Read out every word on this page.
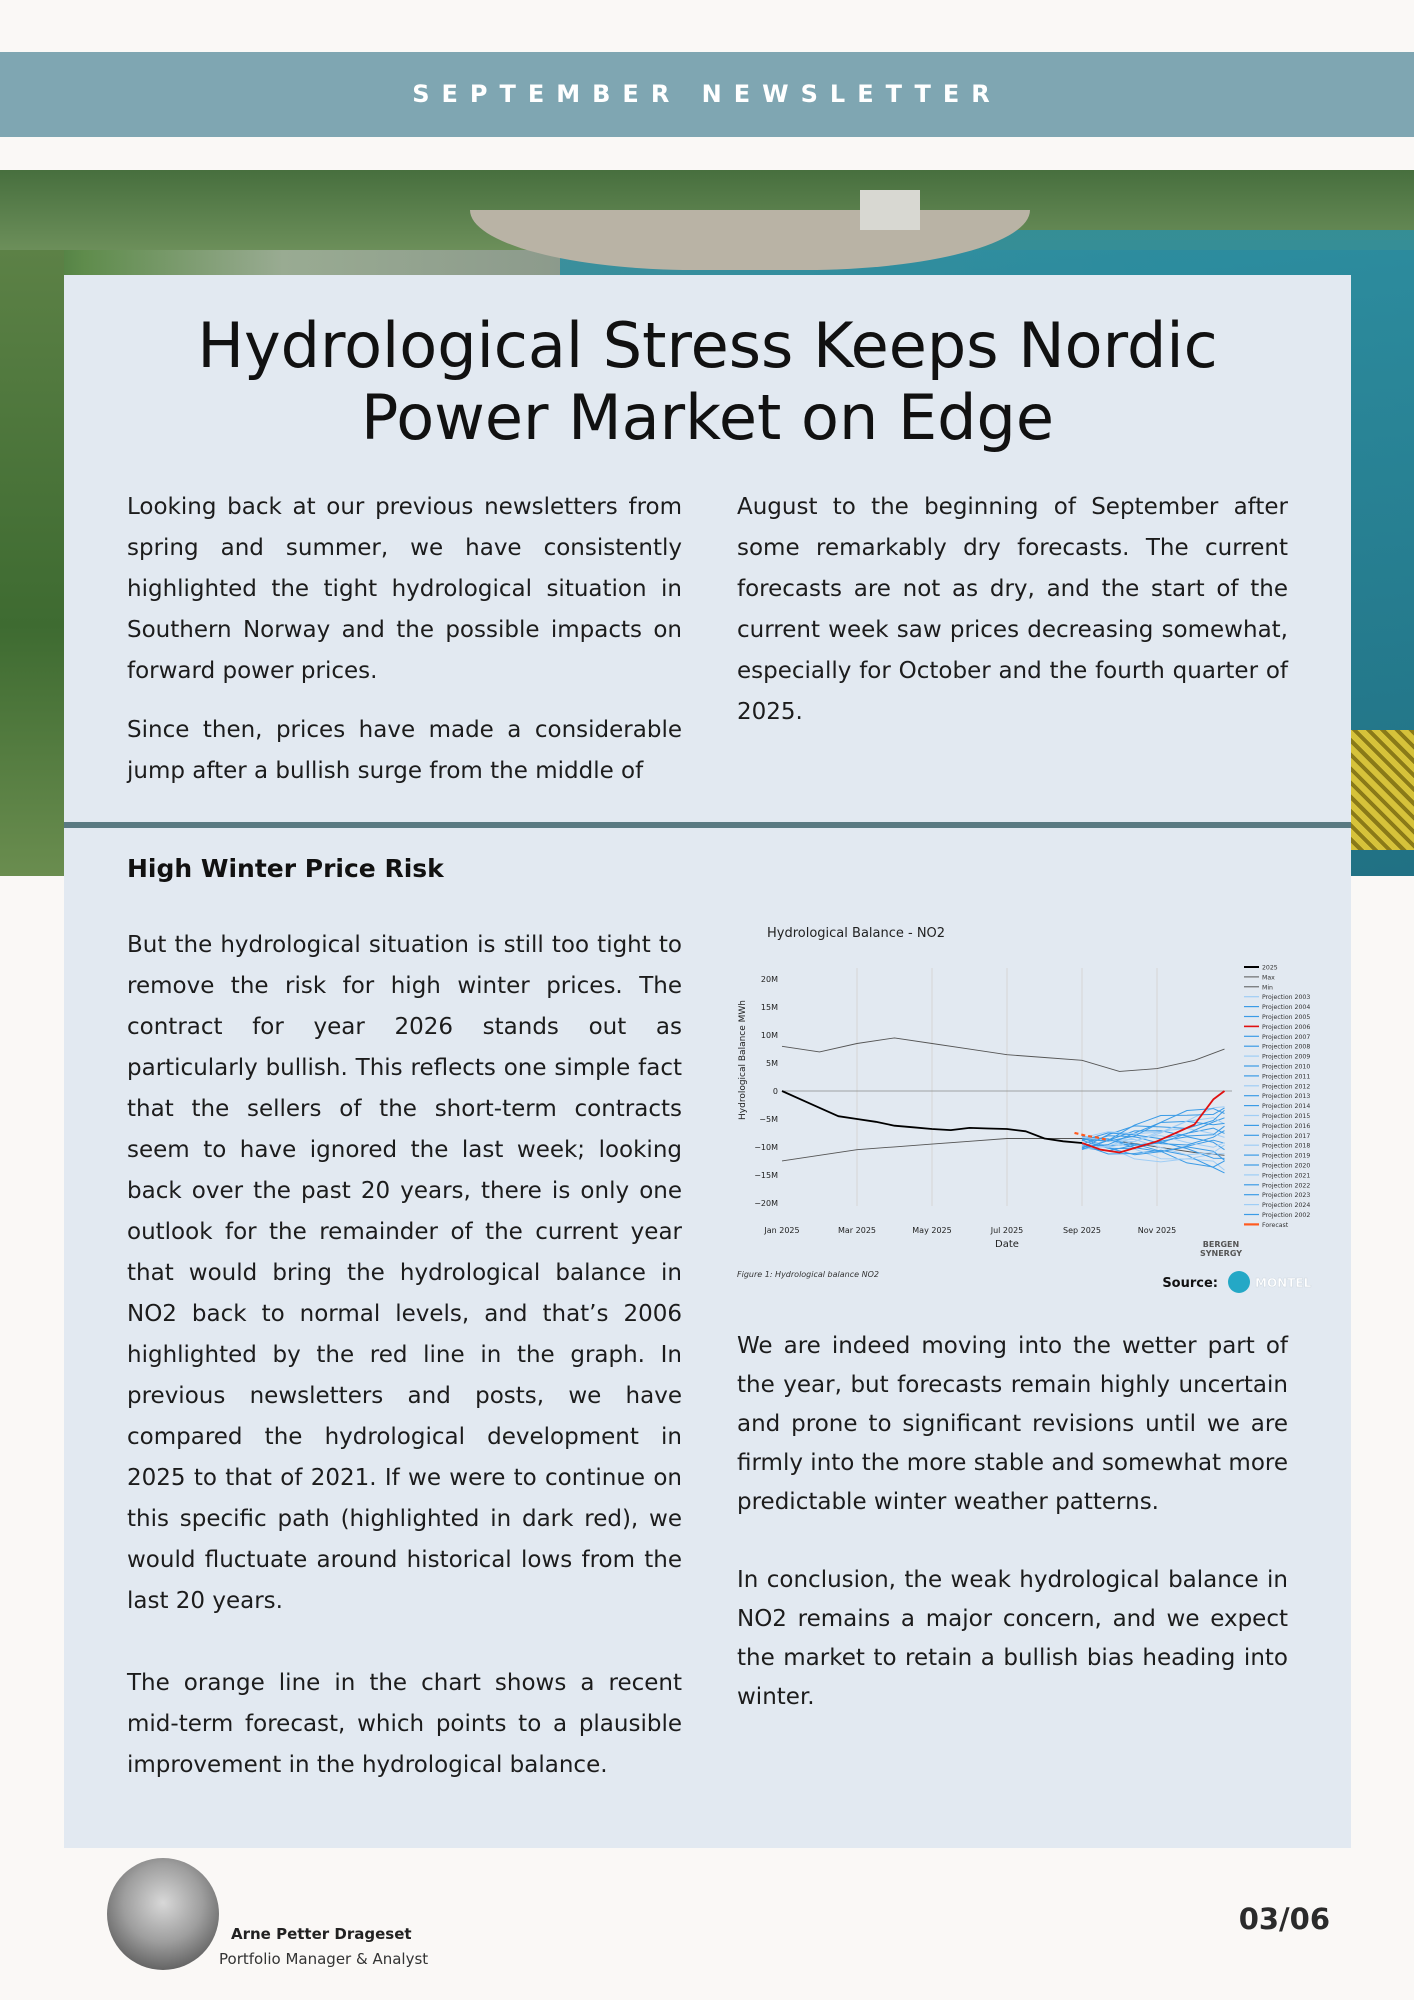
SEPTEMBER NEWSLETTER
Hydrological Stress Keeps Nordic
Power Market on Edge

Looking back at our previous newsletters from spring and summer, we have consistently highlighted the tight hydrological situation in Southern Norway and the possible impacts on forward power prices.

Since then, prices have made a considerable jump after a bullish surge from the middle of

August to the beginning of September after some remarkably dry forecasts. The current forecasts are not as dry, and the start of the current week saw prices decreasing somewhat, especially for October and the fourth quarter of 2025.

High Winter Price Risk

But the hydrological situation is still too tight to remove the risk for high winter prices. The contract for year 2026 stands out as particularly bullish. This reflects one simple fact that the sellers of the short-term contracts seem to have ignored the last week; looking back over the past 20 years, there is only one outlook for the remainder of the current year that would bring the hydrological balance in NO2 back to normal levels, and that’s 2006 highlighted by the red line in the graph. In previous newsletters and posts, we have compared the hydrological development in 2025 to that of 2021. If we were to continue on this specific path (highlighted in dark red), we would fluctuate around historical lows from the last 20 years.

The orange line in the chart shows a recent mid-term forecast, which points to a plausible improvement in the hydrological balance.

Hydrological Balance - NO2
Hydrological Balance MWh
Date
Figure 1: Hydrological balance NO2
BERGEN SYNERGY
Source:	MONTEL
Jan 2025	Mar 2025	May 2025	Jul 2025	Sep 2025	Nov 2025
20M
15M
10M
5M
0
−5M
−10M
−15M
−20M
2025
Max
Min
Projection 2003
Projection 2004
Projection 2005
Projection 2006
Projection 2007
Projection 2008
Projection 2009
Projection 2010
Projection 2011
Projection 2012
Projection 2013
Projection 2014
Projection 2015
Projection 2016
Projection 2017
Projection 2018
Projection 2019
Projection 2020
Projection 2021
Projection 2022
Projection 2023
Projection 2024
Projection 2002
Forecast

We are indeed moving into the wetter part of the year, but forecasts remain highly uncertain and prone to significant revisions until we are firmly into the more stable and somewhat more predictable winter weather patterns.

In conclusion, the weak hydrological balance in NO2 remains a major concern, and we expect the market to retain a bullish bias heading into winter.

Arne Petter Drageset
Portfolio Manager & Analyst
03/06
